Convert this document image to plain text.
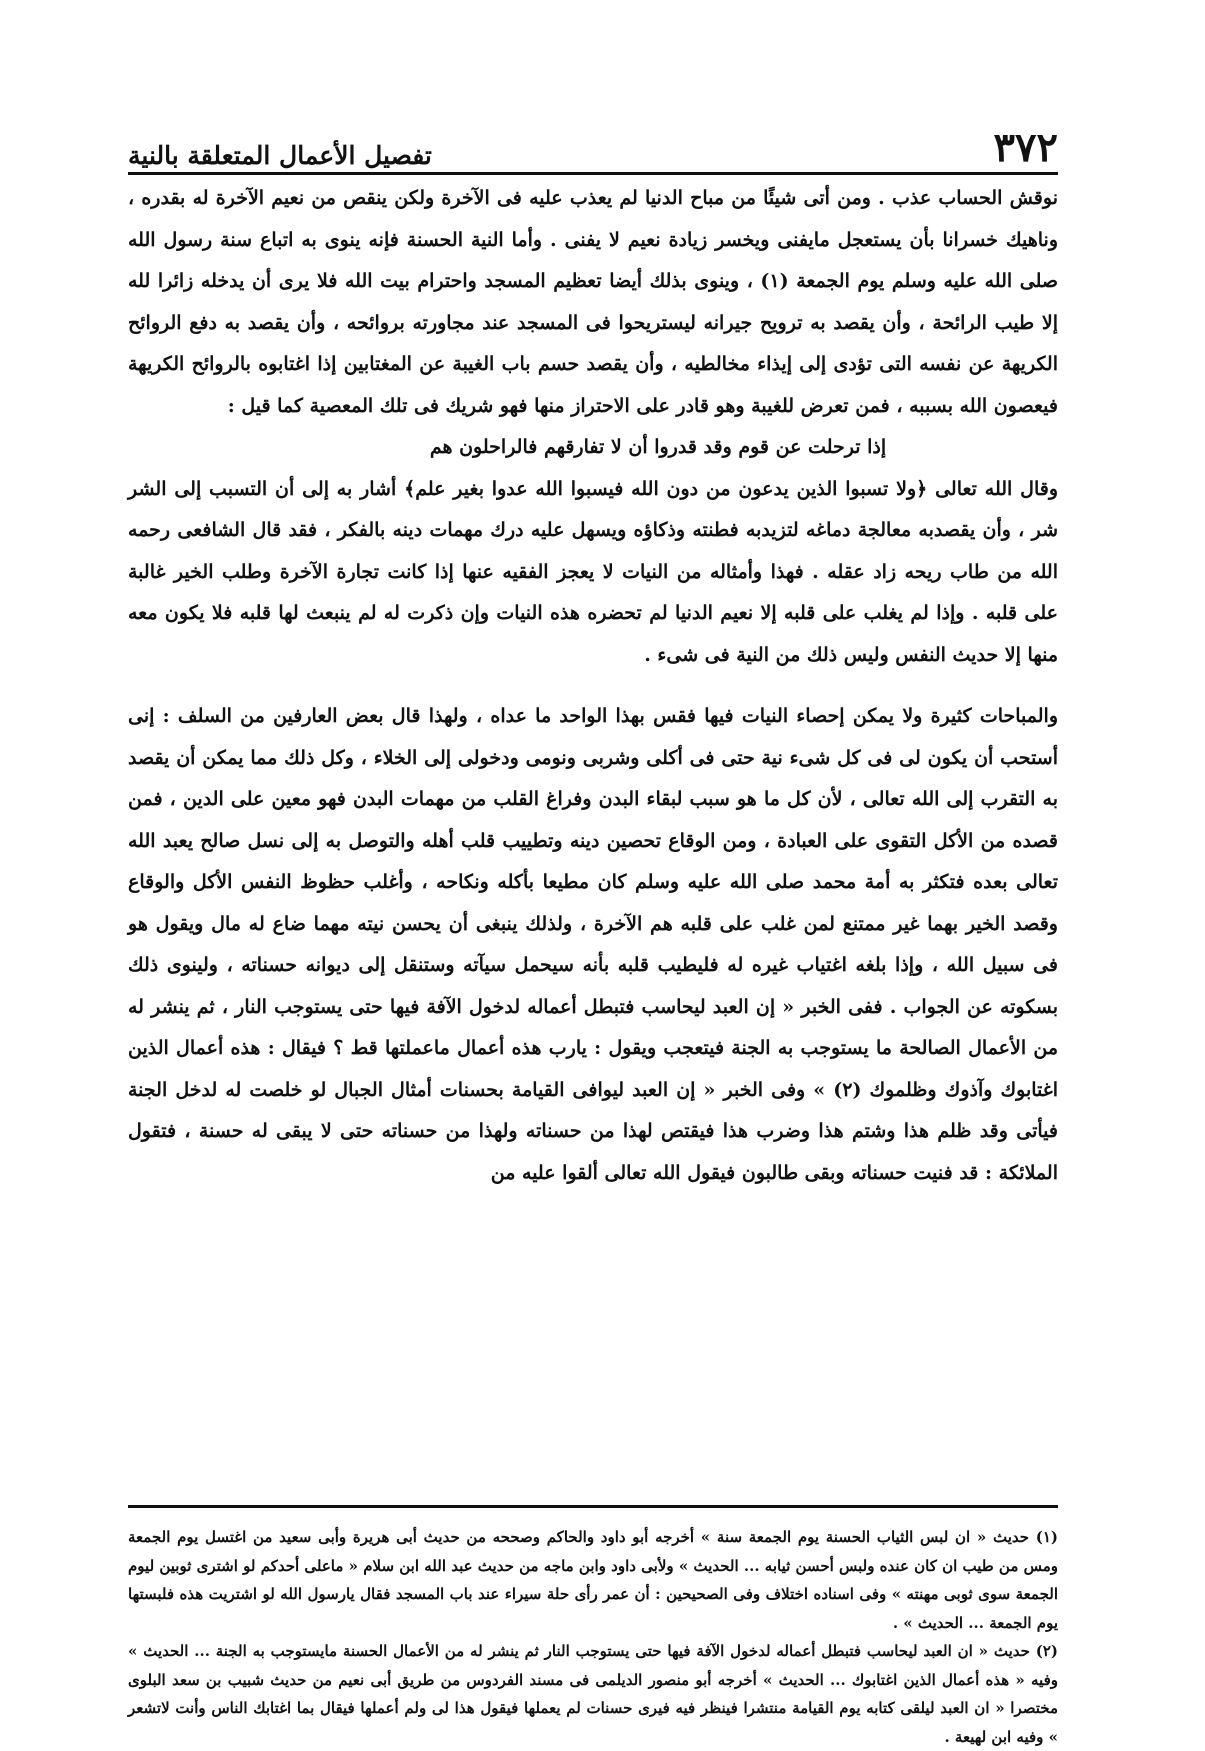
٣٧٢
تفصيل الأعمال المتعلقة بالنية

نوقش الحساب عذب . ومن أتى شيئًا من مباح الدنيا لم يعذب عليه فى الآخرة ولكن ينقص من نعيم الآخرة له بقدره ، وناهيك خسرانا بأن يستعجل مايفنى ويخسر زيادة نعيم لا يفنى . وأما النية الحسنة فإنه ينوى به اتباع سنة رسول الله صلى الله عليه وسلم يوم الجمعة (١) ، وينوى بذلك أيضا تعظيم المسجد واحترام بيت الله فلا يرى أن يدخله زائرا لله إلا طيب الرائحة ، وأن يقصد به ترويح جيرانه ليستريحوا فى المسجد عند مجاورته بروائحه ، وأن يقصد به دفع الروائح الكريهة عن نفسه التى تؤدى إلى إيذاء مخالطيه ، وأن يقصد حسم باب الغيبة عن المغتابين إذا اغتابوه بالروائح الكريهة فيعصون الله بسببه ، فمن تعرض للغيبة وهو قادر على الاحتراز منها فهو شريك فى تلك المعصية كما قيل :

إذا ترحلت عن قوم وقد قدروا أن لا تفارقهم فالراحلون هم

وقال الله تعالى ﴿ولا تسبوا الذين يدعون من دون الله فيسبوا الله عدوا بغير علم﴾ أشار به إلى أن التسبب إلى الشر شر ، وأن يقصدبه معالجة دماغه لتزيدبه فطنته وذكاؤه ويسهل عليه درك مهمات دينه بالفكر ، فقد قال الشافعى رحمه الله من طاب ريحه زاد عقله . فهذا وأمثاله من النيات لا يعجز الفقيه عنها إذا كانت تجارة الآخرة وطلب الخير غالبة على قلبه . وإذا لم يغلب على قلبه إلا نعيم الدنيا لم تحضره هذه النيات وإن ذكرت له لم ينبعث لها قلبه فلا يكون معه منها إلا حديث النفس وليس ذلك من النية فى شىء .

والمباحات كثيرة ولا يمكن إحصاء النيات فيها فقس بهذا الواحد ما عداه ، ولهذا قال بعض العارفين من السلف : إنى أستحب أن يكون لى فى كل شىء نية حتى فى أكلى وشربى ونومى ودخولى إلى الخلاء ، وكل ذلك مما يمكن أن يقصد به التقرب إلى الله تعالى ، لأن كل ما هو سبب لبقاء البدن وفراغ القلب من مهمات البدن فهو معين على الدين ، فمن قصده من الأكل التقوى على العبادة ، ومن الوقاع تحصين دينه وتطييب قلب أهله والتوصل به إلى نسل صالح يعبد الله تعالى بعده فتكثر به أمة محمد صلى الله عليه وسلم كان مطيعا بأكله ونكاحه ، وأغلب حظوظ النفس الأكل والوقاع وقصد الخير بهما غير ممتنع لمن غلب على قلبه هم الآخرة ، ولذلك ينبغى أن يحسن نيته مهما ضاع له مال ويقول هو فى سبيل الله ، وإذا بلغه اغتياب غيره له فليطيب قلبه بأنه سيحمل سيآته وستنقل إلى ديوانه حسناته ، ولينوى ذلك بسكوته عن الجواب . ففى الخبر « إن العبد ليحاسب فتبطل أعماله لدخول الآفة فيها حتى يستوجب النار ، ثم ينشر له من الأعمال الصالحة ما يستوجب به الجنة فيتعجب ويقول : يارب هذه أعمال ماعملتها قط ؟ فيقال : هذه أعمال الذين اغتابوك وآذوك وظلموك (٢) » وفى الخبر « إن العبد ليوافى القيامة بحسنات أمثال الجبال لو خلصت له لدخل الجنة فيأتى وقد ظلم هذا وشتم هذا وضرب هذا فيقتص لهذا من حسناته ولهذا من حسناته حتى لا يبقى له حسنة ، فتقول الملائكة : قد فنيت حسناته وبقى طالبون فيقول الله تعالى ألقوا عليه من

(١) حديث « ان لبس الثياب الحسنة يوم الجمعة سنة » أخرجه أبو داود والحاكم وصححه من حديث أبى هريرة وأبى سعيد من اغتسل يوم الجمعة ومس من طيب ان كان عنده ولبس أحسن ثيابه ... الحديث » ولأبى داود وابن ماجه من حديث عبد الله ابن سلام « ماعلى أحدكم لو اشترى ثوبين ليوم الجمعة سوى ثوبى مهنته » وفى اسناده اختلاف وفى الصحيحين : أن عمر رأى حلة سيراء عند باب المسجد فقال يارسول الله لو اشتريت هذه فلبستها يوم الجمعة ... الحديث » .

(٢) حديث « ان العبد ليحاسب فتبطل أعماله لدخول الآفة فيها حتى يستوجب النار ثم ينشر له من الأعمال الحسنة مايستوجب به الجنة ... الحديث » وفيه « هذه أعمال الذين اغتابوك ... الحديث » أخرجه أبو منصور الديلمى فى مسند الفردوس من طريق أبى نعيم من حديث شبيب بن سعد البلوى مختصرا « ان العبد ليلقى كتابه يوم القيامة منتشرا فينظر فيه فيرى حسنات لم يعملها فيقول هذا لى ولم أعملها فيقال بما اغتابك الناس وأنت لاتشعر » وفيه ابن لهيعة .
